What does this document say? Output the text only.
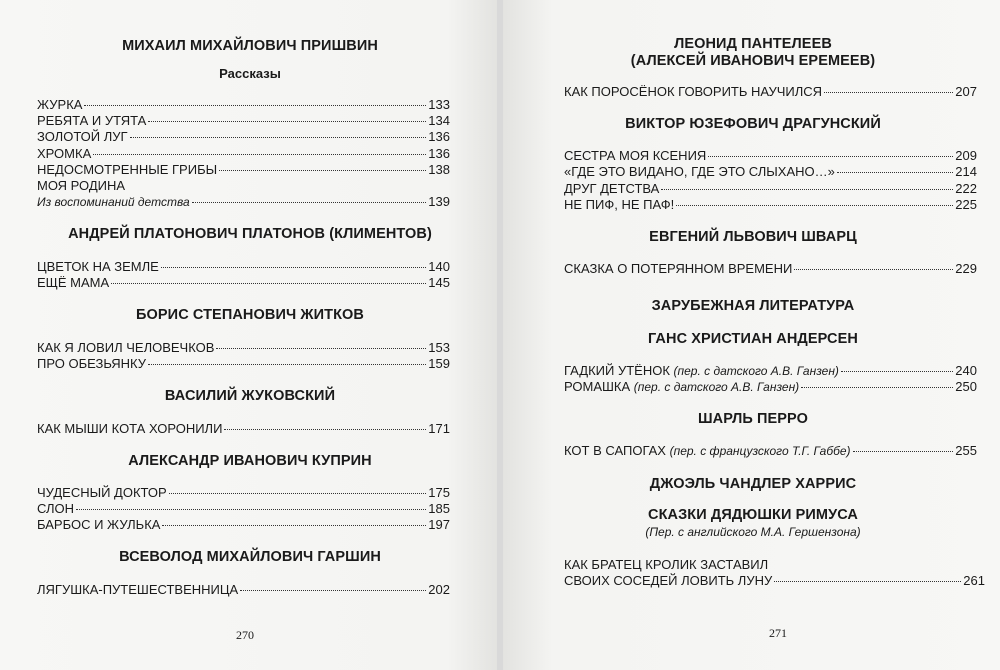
МИХАИЛ МИХАЙЛОВИЧ ПРИШВИН
Рассказы
ЖУРКА	133
РЕБЯТА И УТЯТА	134
ЗОЛОТОЙ ЛУГ	136
ХРОМКА	136
НЕДОСМОТРЕННЫЕ ГРИБЫ	138
МОЯ РОДИНА
Из воспоминаний детства	139
АНДРЕЙ ПЛАТОНОВИЧ ПЛАТОНОВ (КЛИМЕНТОВ)
ЦВЕТОК НА ЗЕМЛЕ	140
ЕЩЁ МАМА	145
БОРИС СТЕПАНОВИЧ ЖИТКОВ
КАК Я ЛОВИЛ ЧЕЛОВЕЧКОВ	153
ПРО ОБЕЗЬЯНКУ	159
ВАСИЛИЙ ЖУКОВСКИЙ
КАК МЫШИ КОТА ХОРОНИЛИ	171
АЛЕКСАНДР ИВАНОВИЧ КУПРИН
ЧУДЕСНЫЙ ДОКТОР	175
СЛОН	185
БАРБОС И ЖУЛЬКА	197
ВСЕВОЛОД МИХАЙЛОВИЧ ГАРШИН
ЛЯГУШКА-ПУТЕШЕСТВЕННИЦА	202
270
ЛЕОНИД ПАНТЕЛЕЕВ
(АЛЕКСЕЙ ИВАНОВИЧ ЕРЕМЕЕВ)
КАК ПОРОСЁНОК ГОВОРИТЬ НАУЧИЛСЯ	207
ВИКТОР ЮЗЕФОВИЧ ДРАГУНСКИЙ
СЕСТРА МОЯ КСЕНИЯ	209
«ГДЕ ЭТО ВИДАНО, ГДЕ ЭТО СЛЫХАНО…»	214
ДРУГ ДЕТСТВА	222
НЕ ПИФ, НЕ ПАФ!	225
ЕВГЕНИЙ ЛЬВОВИЧ ШВАРЦ
СКАЗКА О ПОТЕРЯННОМ ВРЕМЕНИ	229
ЗАРУБЕЖНАЯ ЛИТЕРАТУРА
ГАНС ХРИСТИАН АНДЕРСЕН
ГАДКИЙ УТЁНОК (пер. с датского А.В. Ганзен)	240
РОМАШКА (пер. с датского А.В. Ганзен)	250
ШАРЛЬ ПЕРРО
КОТ В САПОГАХ (пер. с французского Т.Г. Габбе)	255
ДЖОЭЛЬ ЧАНДЛЕР ХАРРИС
СКАЗКИ ДЯДЮШКИ РИМУСА
(Пер. с английского М.А. Гершензона)
КАК БРАТЕЦ КРОЛИК ЗАСТАВИЛ
СВОИХ СОСЕДЕЙ ЛОВИТЬ ЛУНУ	261
271
